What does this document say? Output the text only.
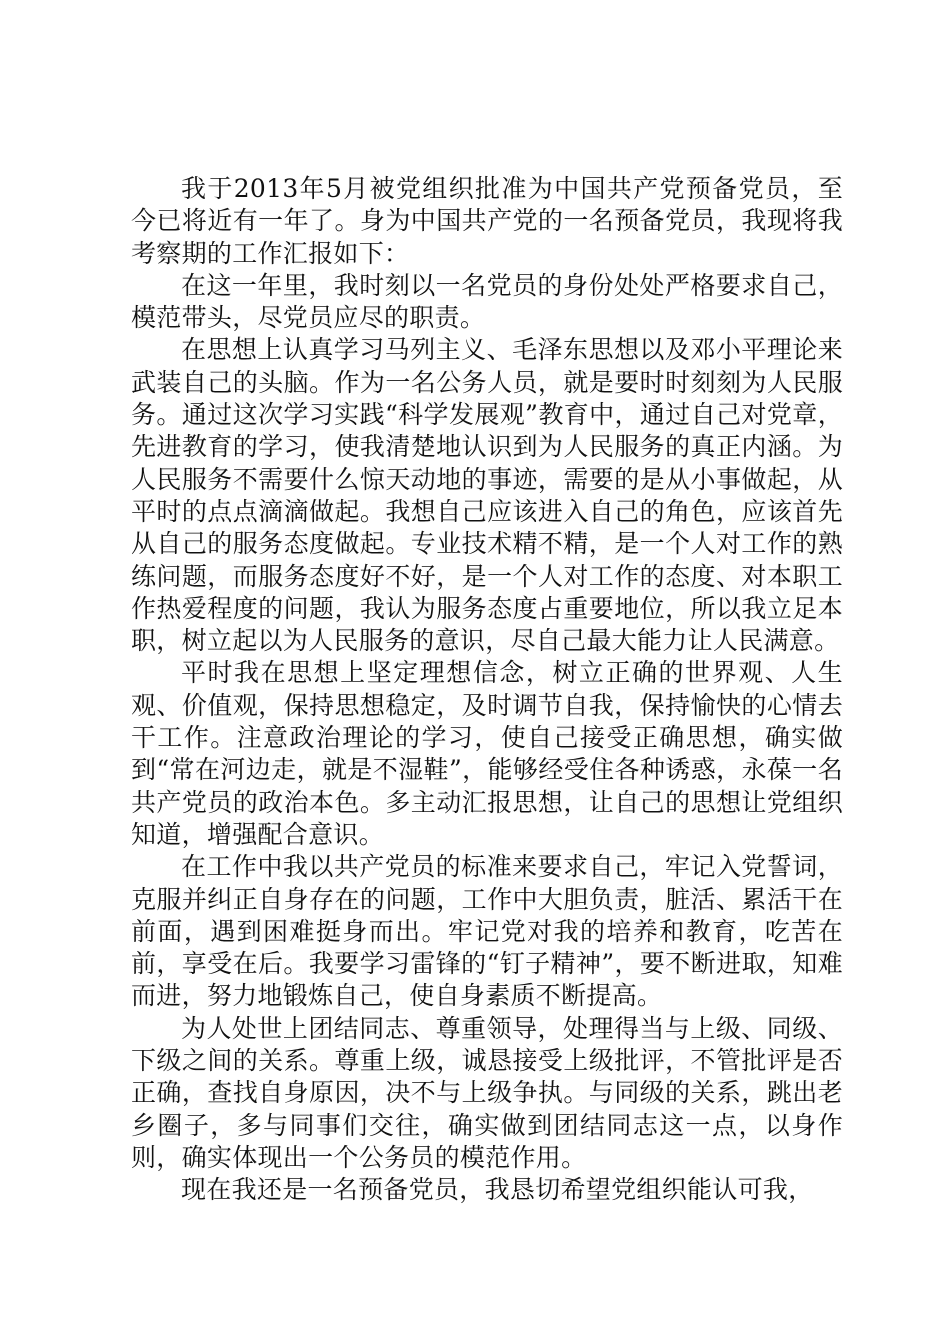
我于2013年5月被党组织批准为中国共产党预备党员，至今已将近有一年了。身为中国共产党的一名预备党员，我现将我考察期的工作汇报如下：

在这一年里，我时刻以一名党员的身份处处严格要求自己，模范带头，尽党员应尽的职责。

在思想上认真学习马列主义、毛泽东思想以及邓小平理论来武装自己的头脑。作为一名公务人员，就是要时时刻刻为人民服务。通过这次学习实践“科学发展观”教育中，通过自己对党章，先进教育的学习，使我清楚地认识到为人民服务的真正内涵。为人民服务不需要什么惊天动地的事迹，需要的是从小事做起，从平时的点点滴滴做起。我想自己应该进入自己的角色，应该首先从自己的服务态度做起。专业技术精不精，是一个人对工作的熟练问题，而服务态度好不好，是一个人对工作的态度、对本职工作热爱程度的问题，我认为服务态度占重要地位，所以我立足本职，树立起以为人民服务的意识，尽自己最大能力让人民满意。

平时我在思想上坚定理想信念，树立正确的世界观、人生观、价值观，保持思想稳定，及时调节自我，保持愉快的心情去干工作。注意政治理论的学习，使自己接受正确思想，确实做到“常在河边走，就是不湿鞋”，能够经受住各种诱惑，永葆一名共产党员的政治本色。多主动汇报思想，让自己的思想让党组织知道，增强配合意识。

在工作中我以共产党员的标准来要求自己，牢记入党誓词，克服并纠正自身存在的问题，工作中大胆负责，脏活、累活干在前面，遇到困难挺身而出。牢记党对我的培养和教育，吃苦在前，享受在后。我要学习雷锋的“钉子精神”，要不断进取，知难而进，努力地锻炼自己，使自身素质不断提高。

为人处世上团结同志、尊重领导，处理得当与上级、同级、下级之间的关系。尊重上级，诚恳接受上级批评，不管批评是否正确，查找自身原因，决不与上级争执。与同级的关系，跳出老乡圈子，多与同事们交往，确实做到团结同志这一点，以身作则，确实体现出一个公务员的模范作用。

现在我还是一名预备党员，我恳切希望党组织能认可我，
